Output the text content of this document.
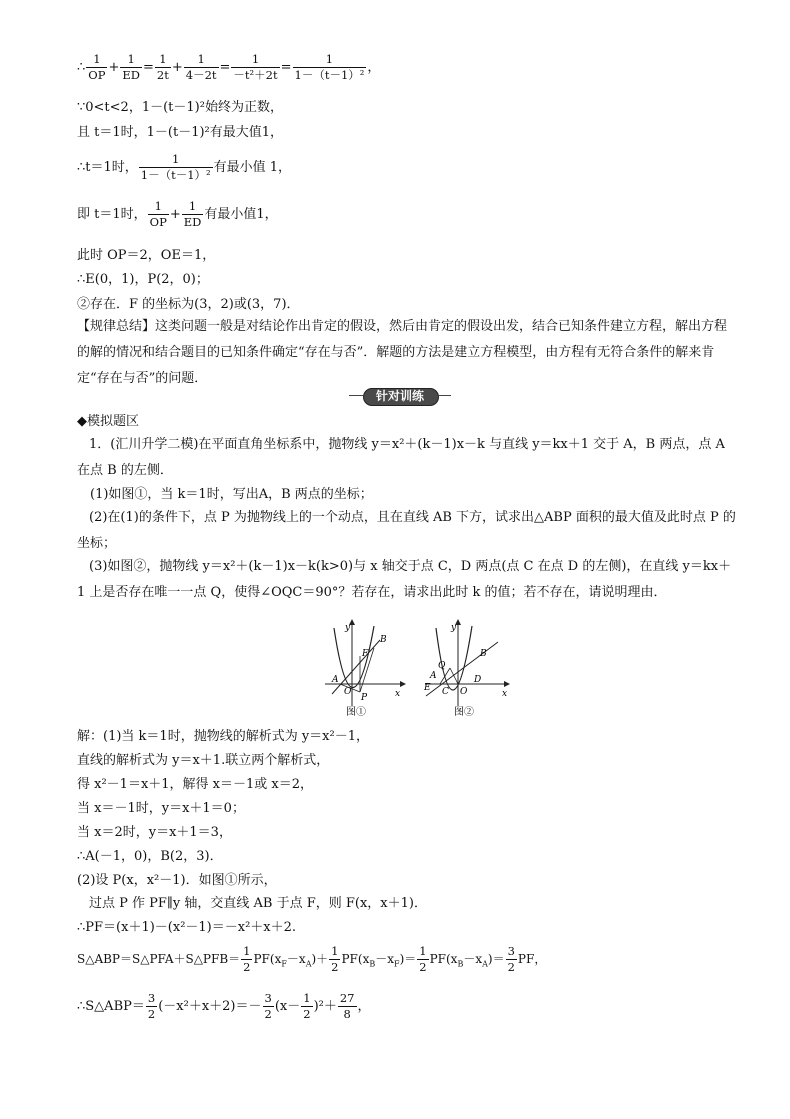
∴ $\frac{1}{OP} + \frac{1}{ED} = \frac{1}{2t} + \frac{1}{4-2t} = \frac{1}{\text{－t²＋2t}} = \frac{1}{\text{1－（t－1）²}}$ ，
∵0<t<2，1－(t－1)²始终为正数，
且 t＝1时，1－(t－1)²有最大值1，
∴t＝1时， $\frac{1}{\text{1－（t－1）²}}$ 有最小值 1，
即 t＝1时， $\frac{1}{OP} + \frac{1}{ED}$ 有最小值1，
此时 OP＝2，OE＝1，
∴E(0，1)，P(2，0)；
②存在．F 的坐标为(3，2)或(3，7)．
【规律总结】这类问题一般是对结论作出肯定的假设，然后由肯定的假设出发，结合已知条件建立方程，解出方程的解的情况和结合题目的已知条件确定“存在与否”．解题的方法是建立方程模型，由方程有无符合条件的解来肯定“存在与否”的问题．
针对训练
◆模拟题区
1．(汇川升学二模)在平面直角坐标系中，抛物线 y＝x²＋(k－1)x－k 与直线 y＝kx＋1 交于 A，B 两点，点 A 在点 B 的左侧．
(1)如图①，当 k＝1时，写出A，B 两点的坐标；
(2)在(1)的条件下，点 P 为抛物线上的一个动点，且在直线 AB 下方，试求出△ABP 面积的最大值及此时点 P 的坐标；
(3)如图②，抛物线 y＝x²＋(k－1)x－k(k>0)与 x 轴交于点 C，D 两点(点 C 在点 D 的左侧)，在直线 y＝kx＋1 上是否存在唯一一点 Q，使得∠OQC＝90°？若存在，请求出此时 k 的值；若不存在，请说明理由．
y
x
B
F
A
O
P
图①
y
x
B
Q
A
E C O
D
图②
解：(1)当 k＝1时，抛物线的解析式为 y＝x²－1，
直线的解析式为 y＝x＋1.联立两个解析式，
得 x²－1＝x＋1，解得 x＝－1或 x＝2，
当 x＝－1时，y＝x＋1＝0；
当 x＝2时，y＝x＋1＝3，
∴A(－1，0)，B(2，3)．
(2)设 P(x，x²－1)．如图①所示，
过点 P 作 PF∥y 轴，交直线 AB 于点 F，则 F(x，x＋1)．
∴PF＝(x＋1)－(x²－1)＝－x²＋x＋2.
S△ABP＝S△PFA＋S△PFB＝ $\frac{1}{2} PF(x_F-x_A)+ \frac{1}{2} PF(x_B-x_F)= \frac{1}{2} PF(x_B-x_A)= \frac{3}{2}$ PF，
∴S△ABP＝ $\frac{3}{2} (-x^2+x+2)=- \frac{3}{2} (x- \frac{1}{2} )^2+ \frac{27}{8}$ ，
